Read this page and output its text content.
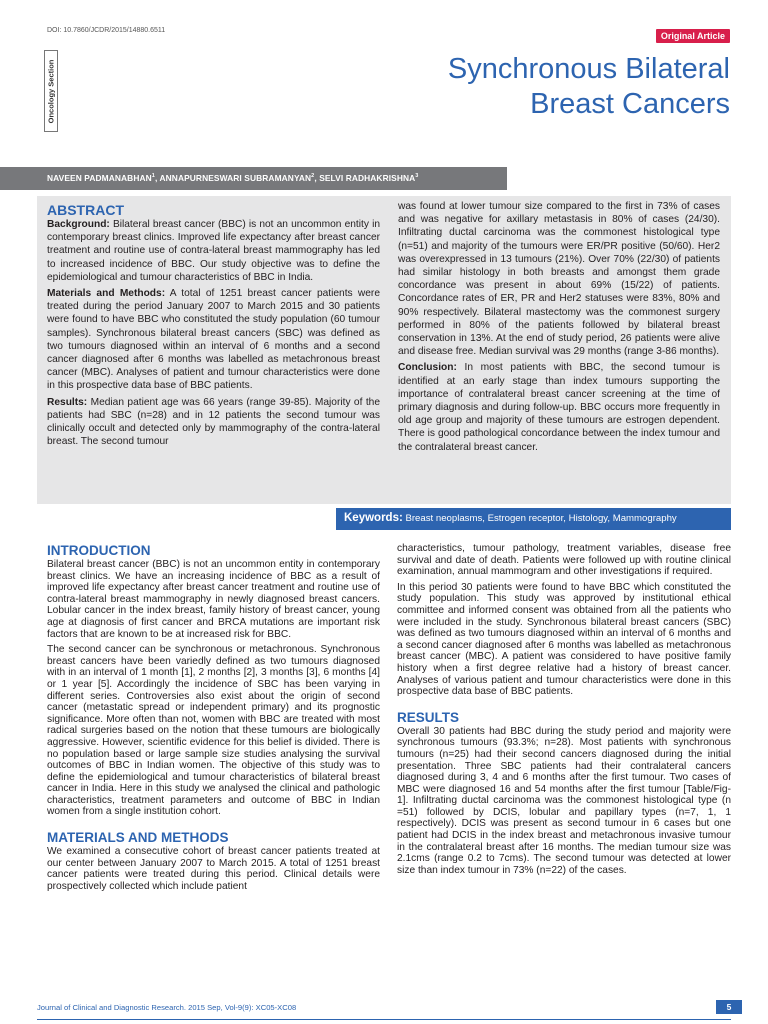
DOI: 10.7860/JCDR/2015/14880.6511
Original Article
Oncology Section	Synchronous Bilateral
Breast Cancers
NAVEEN PADMANABHAN$^1$, ANNAPURNESWARI SUBRAMANYAN$^2$, SELVI RADHAKRISHNA$^3$
ABSTRACT

Background: Bilateral breast cancer (BBC) is not an uncommon entity in contemporary breast clinics. Improved life expectancy after breast cancer treatment and routine use of contra-lateral breast mammography has led to increased incidence of BBC. Our study objective was to define the epidemiological and tumour characteristics of BBC in India.

Materials and Methods: A total of 1251 breast cancer patients were treated during the period January 2007 to March 2015 and 30 patients were found to have BBC who constituted the study population (60 tumour samples). Synchronous bilateral breast cancers (SBC) was defined as two tumours diagnosed within an interval of 6 months and a second cancer diagnosed after 6 months was labelled as metachronous breast cancer (MBC). Analyses of patient and tumour characteristics were done in this prospective data base of BBC patients.

Results: Median patient age was 66 years (range 39-85). Majority of the patients had SBC (n=28) and in 12 patients the second tumour was clinically occult and detected only by mammography of the contra-lateral breast. The second tumour

was found at lower tumour size compared to the first in 73% of cases and was negative for axillary metastasis in 80% of cases (24/30). Infiltrating ductal carcinoma was the commonest histological type (n=51) and majority of the tumours were ER/PR positive (50/60). Her2 was overexpressed in 13 tumours (21%). Over 70% (22/30) of patients had similar histology in both breasts and amongst them grade concordance was present in about 69% (15/22) of patients. Concordance rates of ER, PR and Her2 statuses were 83%, 80% and 90% respectively. Bilateral mastectomy was the commonest surgery performed in 80% of the patients followed by bilateral breast conservation in 13%. At the end of study period, 26 patients were alive and disease free. Median survival was 29 months (range 3-86 months).

Conclusion: In most patients with BBC, the second tumour is identified at an early stage than index tumours supporting the importance of contralateral breast cancer screening at the time of primary diagnosis and during follow-up. BBC occurs more frequently in old age group and majority of these tumours are estrogen dependent. There is good pathological concordance between the index tumour and the contralateral breast cancer.

Keywords: Breast neoplasms, Estrogen receptor, Histology, Mammography
INTRODUCTION

Bilateral breast cancer (BBC) is not an uncommon entity in contemporary breast clinics. We have an increasing incidence of BBC as a result of improved life expectancy after breast cancer treatment and routine use of contra-lateral breast mammography in newly diagnosed breast cancers. Lobular cancer in the index breast, family history of breast cancer, young age at diagnosis of first cancer and BRCA mutations are important risk factors that are known to be at increased risk for BBC.

The second cancer can be synchronous or metachronous. Synchronous breast cancers have been variedly defined as two tumours diagnosed with in an interval of 1 month [1], 2 months [2], 3 months [3], 6 months [4] or 1 year [5]. Accordingly the incidence of SBC has been varying in different series. Controversies also exist about the origin of second cancer (metastatic spread or independent primary) and its prognostic significance. More often than not, women with BBC are treated with most radical surgeries based on the notion that these tumours are biologically aggressive. However, scientific evidence for this belief is divided. There is no population based or large sample size studies analysing the survival outcomes of BBC in Indian women. The objective of this study was to define the epidemiological and tumour characteristics of bilateral breast cancer in India. Here in this study we analysed the clinical and pathologic characteristics, treatment parameters and outcome of BBC in Indian women from a single institution cohort.

MATERIALS AND METHODS

We examined a consecutive cohort of breast cancer patients treated at our center between January 2007 to March 2015. A total of 1251 breast cancer patients were treated during this period. Clinical details were prospectively collected which include patient

characteristics, tumour pathology, treatment variables, disease free survival and date of death. Patients were followed up with routine clinical examination, annual mammogram and other investigations if required.

In this period 30 patients were found to have BBC which constituted the study population. This study was approved by institutional ethical committee and informed consent was obtained from all the patients who were included in the study. Synchronous bilateral breast cancers (SBC) was defined as two tumours diagnosed within an interval of 6 months and a second cancer diagnosed after 6 months was labelled as metachronous breast cancer (MBC). A patient was considered to have positive family history when a first degree relative had a history of breast cancer. Analyses of various patient and tumour characteristics were done in this prospective data base of BBC patients.

RESULTS

Overall 30 patients had BBC during the study period and majority were synchronous tumours (93.3%; n=28). Most patients with synchronous tumours (n=25) had their second cancers diagnosed during the initial presentation. Three SBC patients had their contralateral cancers diagnosed during 3, 4 and 6 months after the first tumour. Two cases of MBC were diagnosed 16 and 54 months after the first tumour [Table/Fig-1]. Infiltrating ductal carcinoma was the commonest histological type (n =51) followed by DCIS, lobular and papillary types (n=7, 1, 1 respectively). DCIS was present as second tumour in 6 cases but one patient had DCIS in the index breast and metachronous invasive tumour in the contralateral breast after 16 months. The median tumour size was 2.1cms (range 0.2 to 7cms). The second tumour was detected at lower size than index tumour in 73% (n=22) of the cases.

Journal of Clinical and Diagnostic Research. 2015 Sep, Vol-9(9): XC05-XC08	5
